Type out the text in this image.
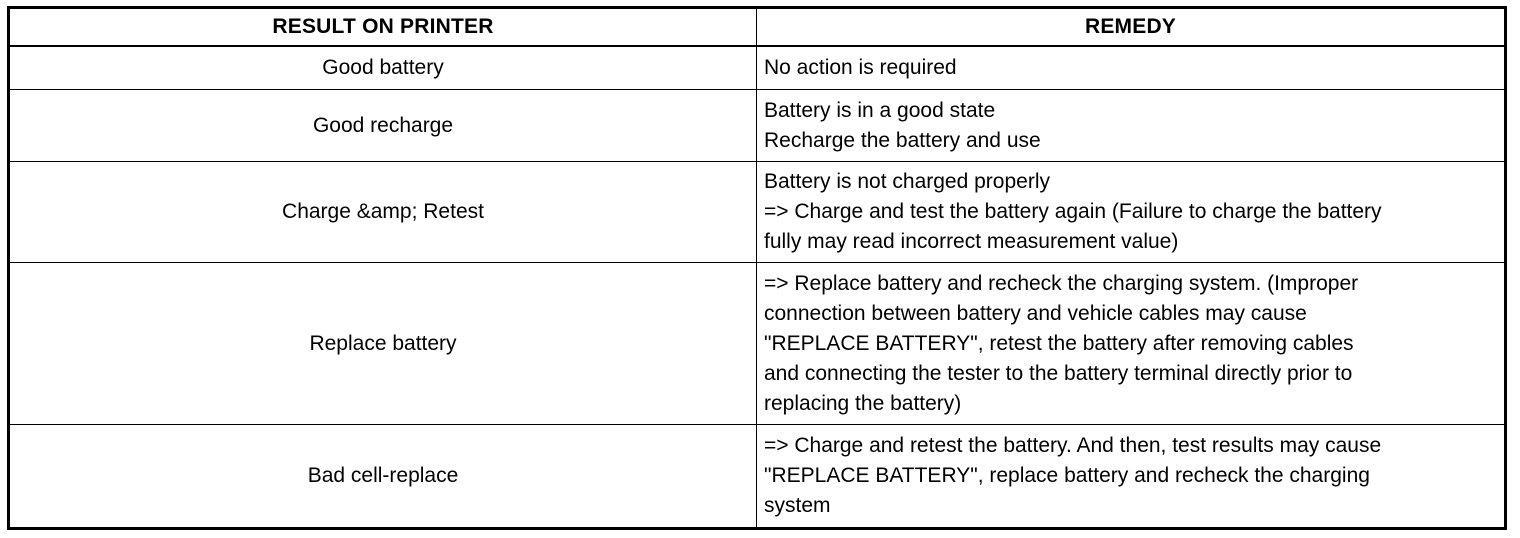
RESULT ON PRINTER	REMEDY
Good battery	No action is required
Good recharge
Battery is in a good state
Recharge the battery and use
Charge &amp; Retest
Battery is not charged properly
=> Charge and test the battery again (Failure to charge the battery
fully may read incorrect measurement value)
Replace battery
=> Replace battery and recheck the charging system. (Improper
connection between battery and vehicle cables may cause
"REPLACE BATTERY", retest the battery after removing cables
and connecting the tester to the battery terminal directly prior to
replacing the battery)
Bad cell-replace
=> Charge and retest the battery. And then, test results may cause
"REPLACE BATTERY", replace battery and recheck the charging
system
